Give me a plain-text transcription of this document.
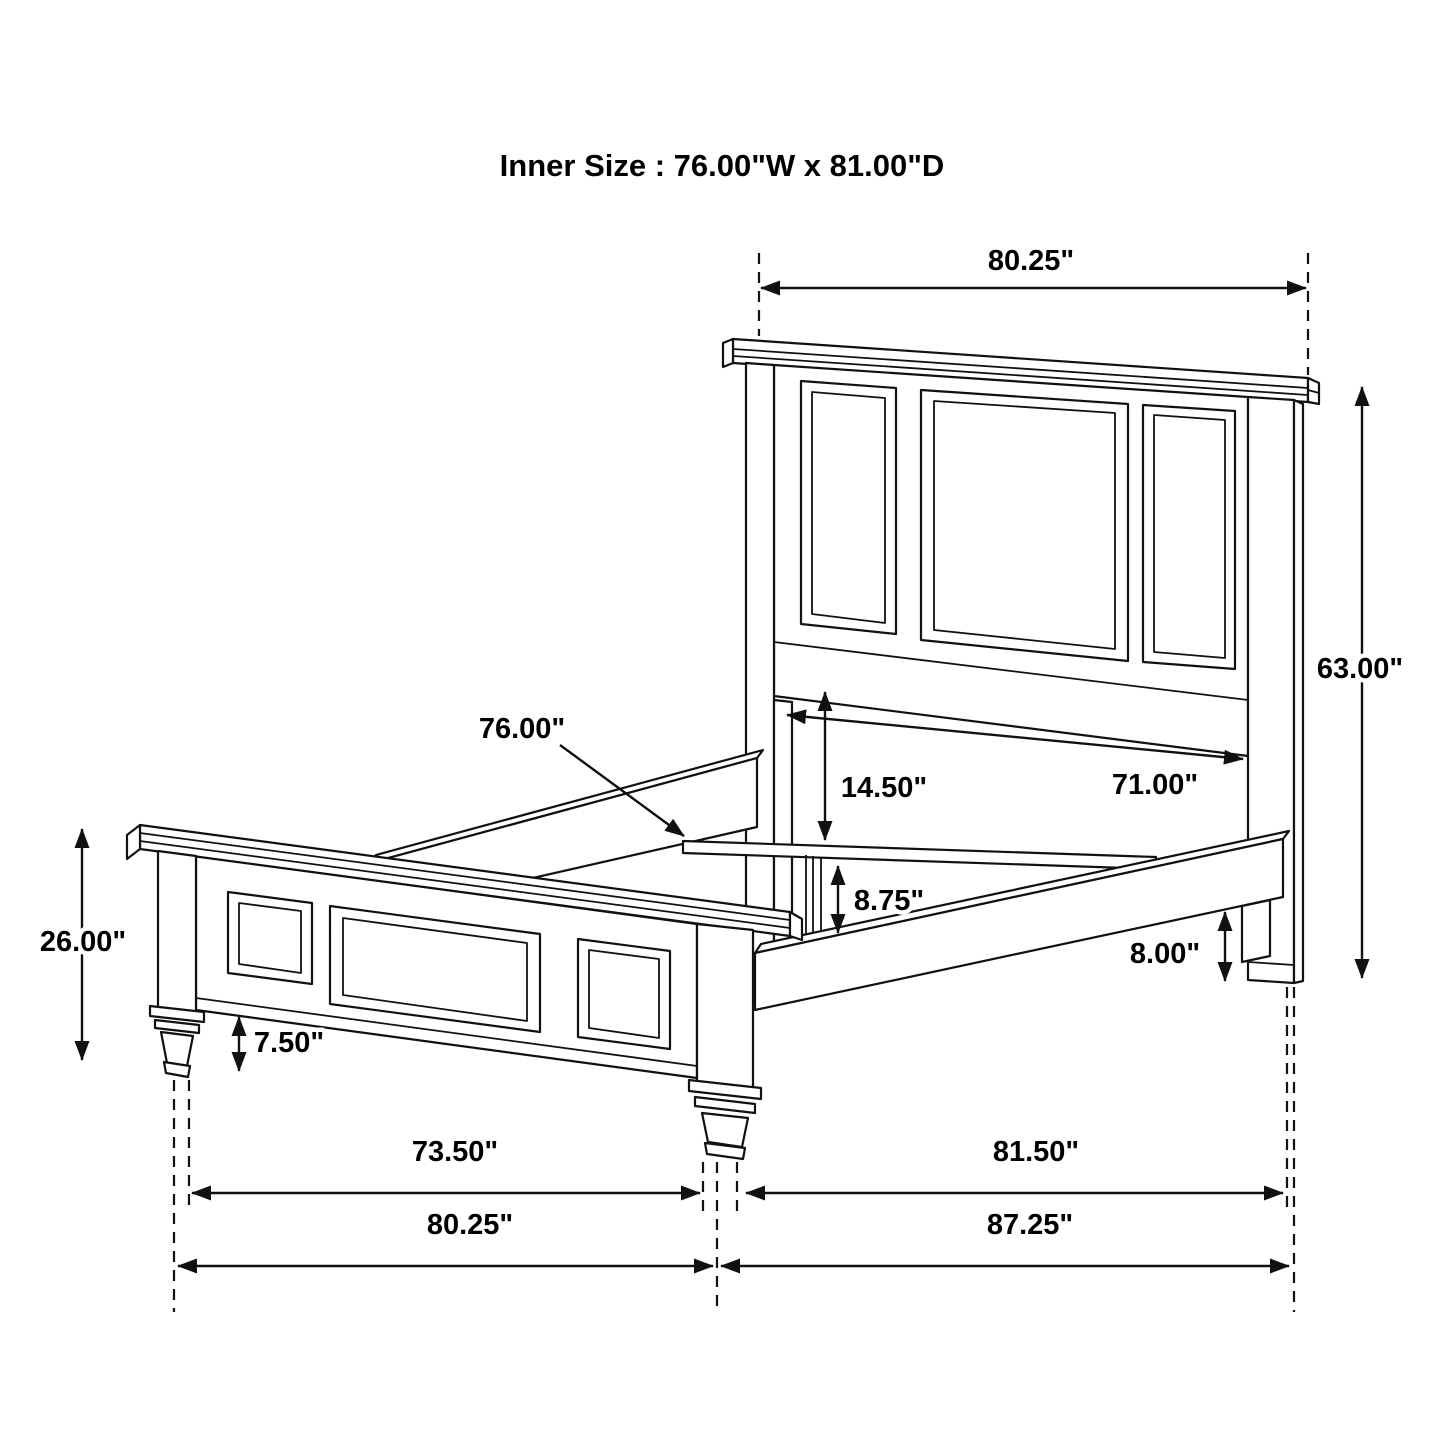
Inner Size : 76.00"W x 81.00"D
80.25"
63.00"
71.00"
14.50"
76.00"
8.75"
8.00"
26.00"
7.50"
73.50"	81.50"
80.25"	87.25"
